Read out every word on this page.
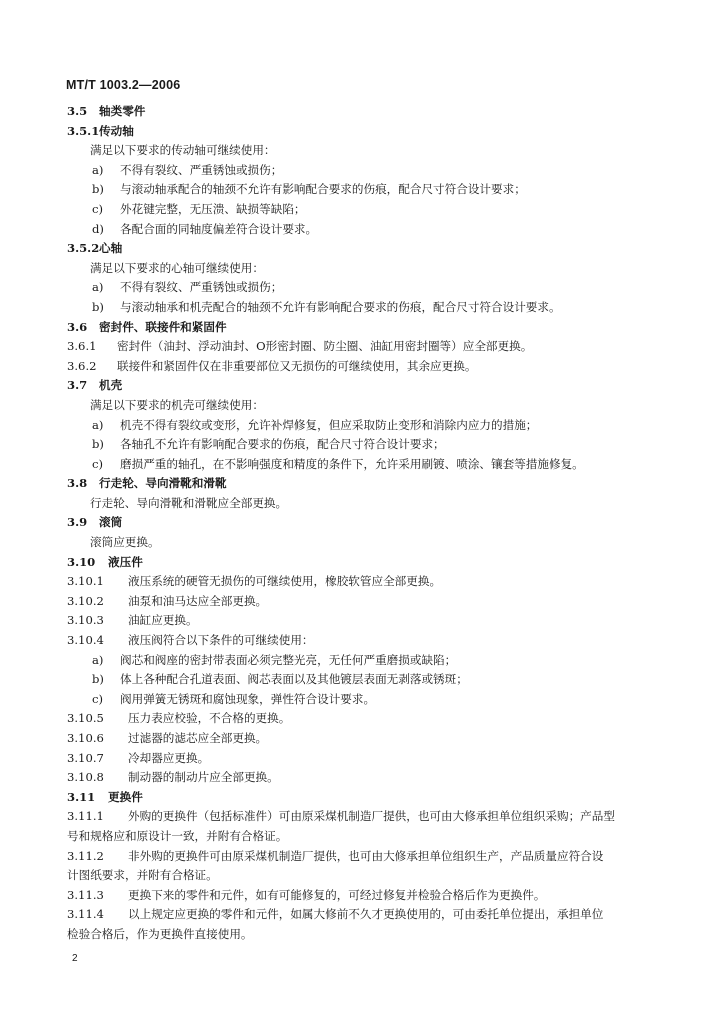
MT/T 1003.2—2006
3.5 轴类零件
3.5.1 传动轴
满足以下要求的传动轴可继续使用：
a) 不得有裂纹、严重锈蚀或损伤；
b) 与滚动轴承配合的轴颈不允许有影响配合要求的伤痕，配合尺寸符合设计要求；
c) 外花键完整，无压溃、缺损等缺陷；
d) 各配合面的同轴度偏差符合设计要求。
3.5.2 心轴
满足以下要求的心轴可继续使用：
a) 不得有裂纹、严重锈蚀或损伤；
b) 与滚动轴承和机壳配合的轴颈不允许有影响配合要求的伤痕，配合尺寸符合设计要求。
3.6 密封件、联接件和紧固件
3.6.1 密封件（油封、浮动油封、O形密封圈、防尘圈、油缸用密封圈等）应全部更换。
3.6.2 联接件和紧固件仅在非重要部位又无损伤的可继续使用，其余应更换。
3.7 机壳
满足以下要求的机壳可继续使用：
a) 机壳不得有裂纹或变形，允许补焊修复，但应采取防止变形和消除内应力的措施；
b) 各轴孔不允许有影响配合要求的伤痕，配合尺寸符合设计要求；
c) 磨损严重的轴孔，在不影响强度和精度的条件下，允许采用刷镀、喷涂、镶套等措施修复。
3.8 行走轮、导向滑靴和滑靴
行走轮、导向滑靴和滑靴应全部更换。
3.9 滚筒
滚筒应更换。
3.10 液压件
3.10.1 液压系统的硬管无损伤的可继续使用，橡胶软管应全部更换。
3.10.2 油泵和油马达应全部更换。
3.10.3 油缸应更换。
3.10.4 液压阀符合以下条件的可继续使用：
a) 阀芯和阀座的密封带表面必须完整光亮，无任何严重磨损或缺陷；
b) 体上各种配合孔道表面、阀芯表面以及其他镀层表面无剥落或锈斑；
c) 阀用弹簧无锈斑和腐蚀现象，弹性符合设计要求。
3.10.5 压力表应校验，不合格的更换。
3.10.6 过滤器的滤芯应全部更换。
3.10.7 冷却器应更换。
3.10.8 制动器的制动片应全部更换。
3.11 更换件
3.11.1 外购的更换件（包括标准件）可由原采煤机制造厂提供，也可由大修承担单位组织采购；产品型
号和规格应和原设计一致，并附有合格证。
3.11.2 非外购的更换件可由原采煤机制造厂提供，也可由大修承担单位组织生产，产品质量应符合设
计图纸要求，并附有合格证。
3.11.3 更换下来的零件和元件，如有可能修复的，可经过修复并检验合格后作为更换件。
3.11.4 以上规定应更换的零件和元件，如属大修前不久才更换使用的，可由委托单位提出，承担单位
检验合格后，作为更换件直接使用。
2
